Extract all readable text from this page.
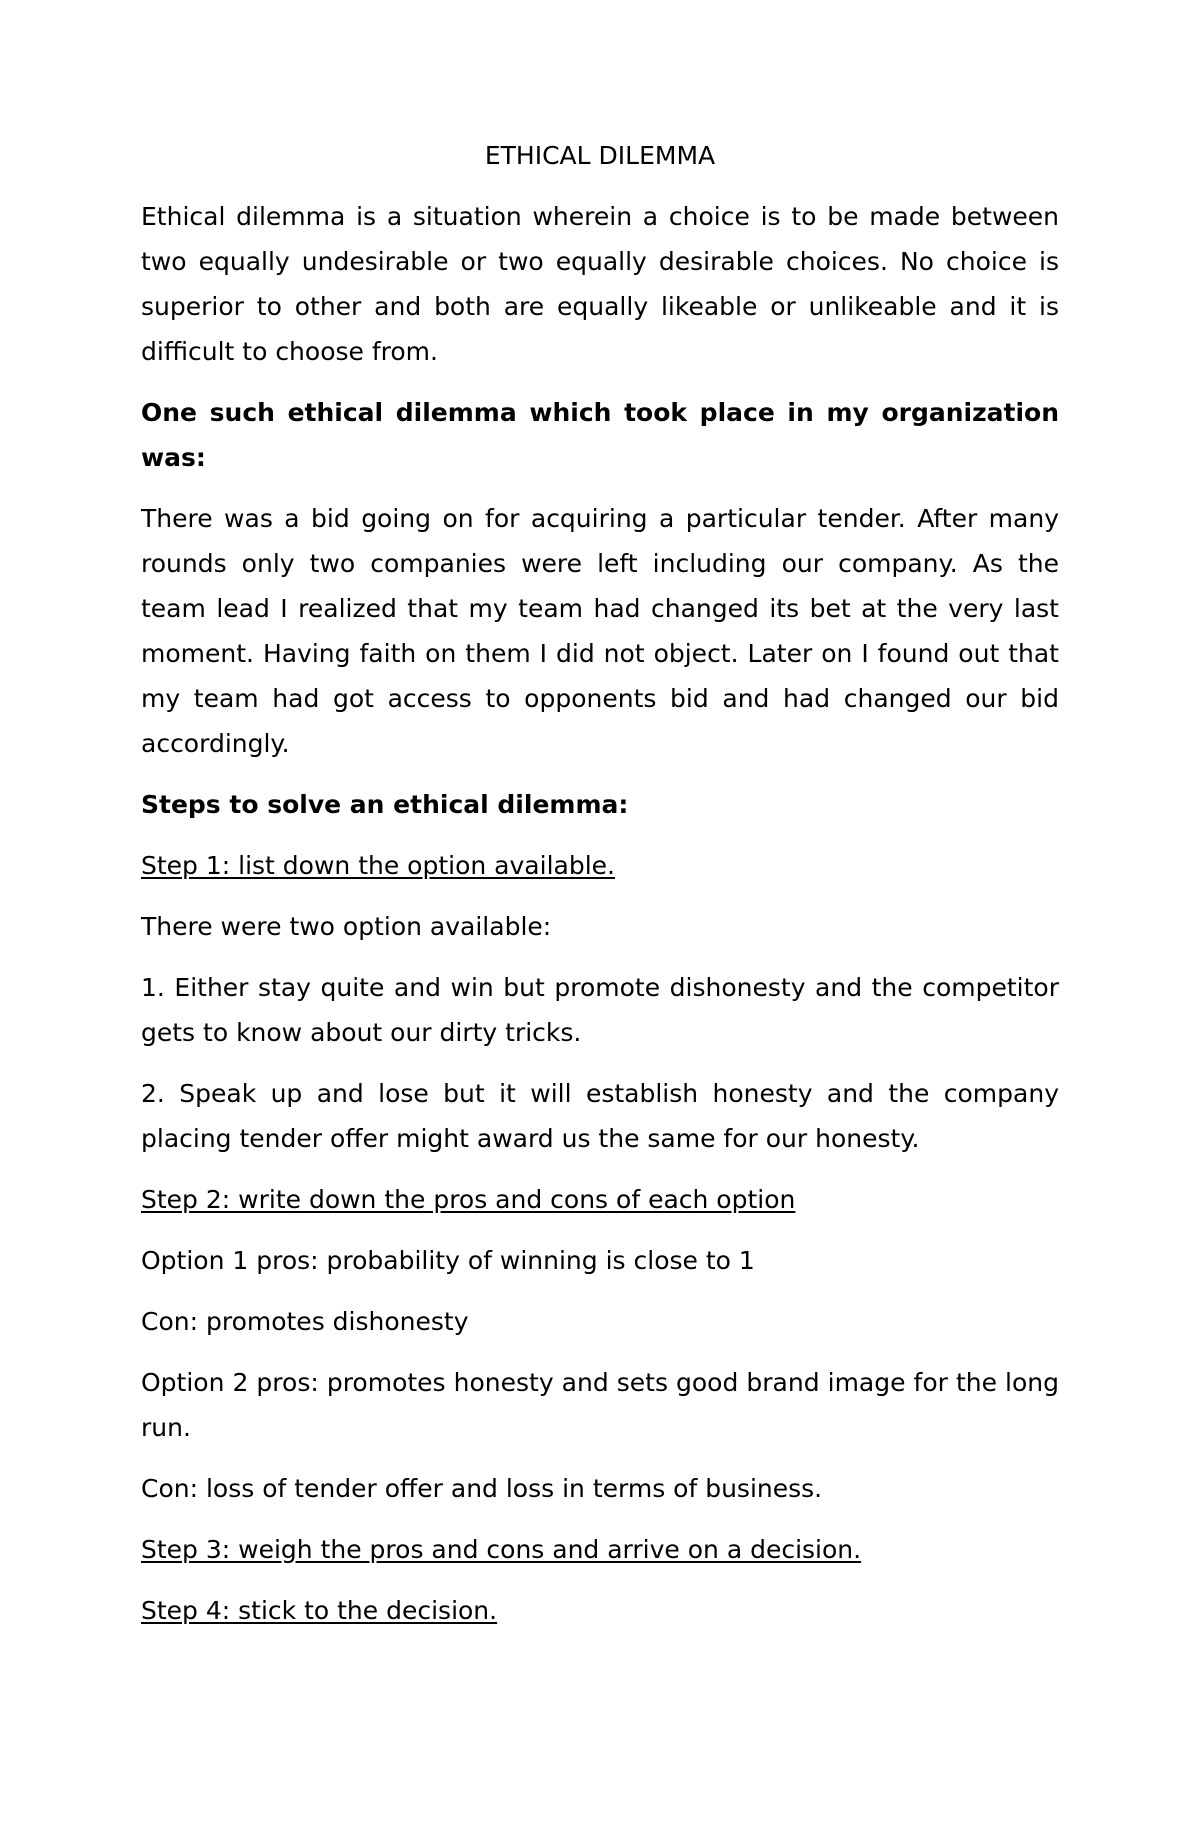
ETHICAL DILEMMA

Ethical dilemma is a situation wherein a choice is to be made between two equally undesirable or two equally desirable choices. No choice is superior to other and both are equally likeable or unlikeable and it is difficult to choose from.

One such ethical dilemma which took place in my organization was:

There was a bid going on for acquiring a particular tender. After many rounds only two companies were left including our company. As the team lead I realized that my team had changed its bet at the very last moment. Having faith on them I did not object. Later on I found out that my team had got access to opponents bid and had changed our bid accordingly.

Steps to solve an ethical dilemma:

Step 1: list down the option available.

There were two option available:

1. Either stay quite and win but promote dishonesty and the competitor gets to know about our dirty tricks.

2. Speak up and lose but it will establish honesty and the company placing tender offer might award us the same for our honesty.

Step 2: write down the pros and cons of each option

Option 1 pros: probability of winning is close to 1

Con: promotes dishonesty

Option 2 pros: promotes honesty and sets good brand image for the long run.

Con: loss of tender offer and loss in terms of business.

Step 3: weigh the pros and cons and arrive on a decision.

Step 4: stick to the decision.
